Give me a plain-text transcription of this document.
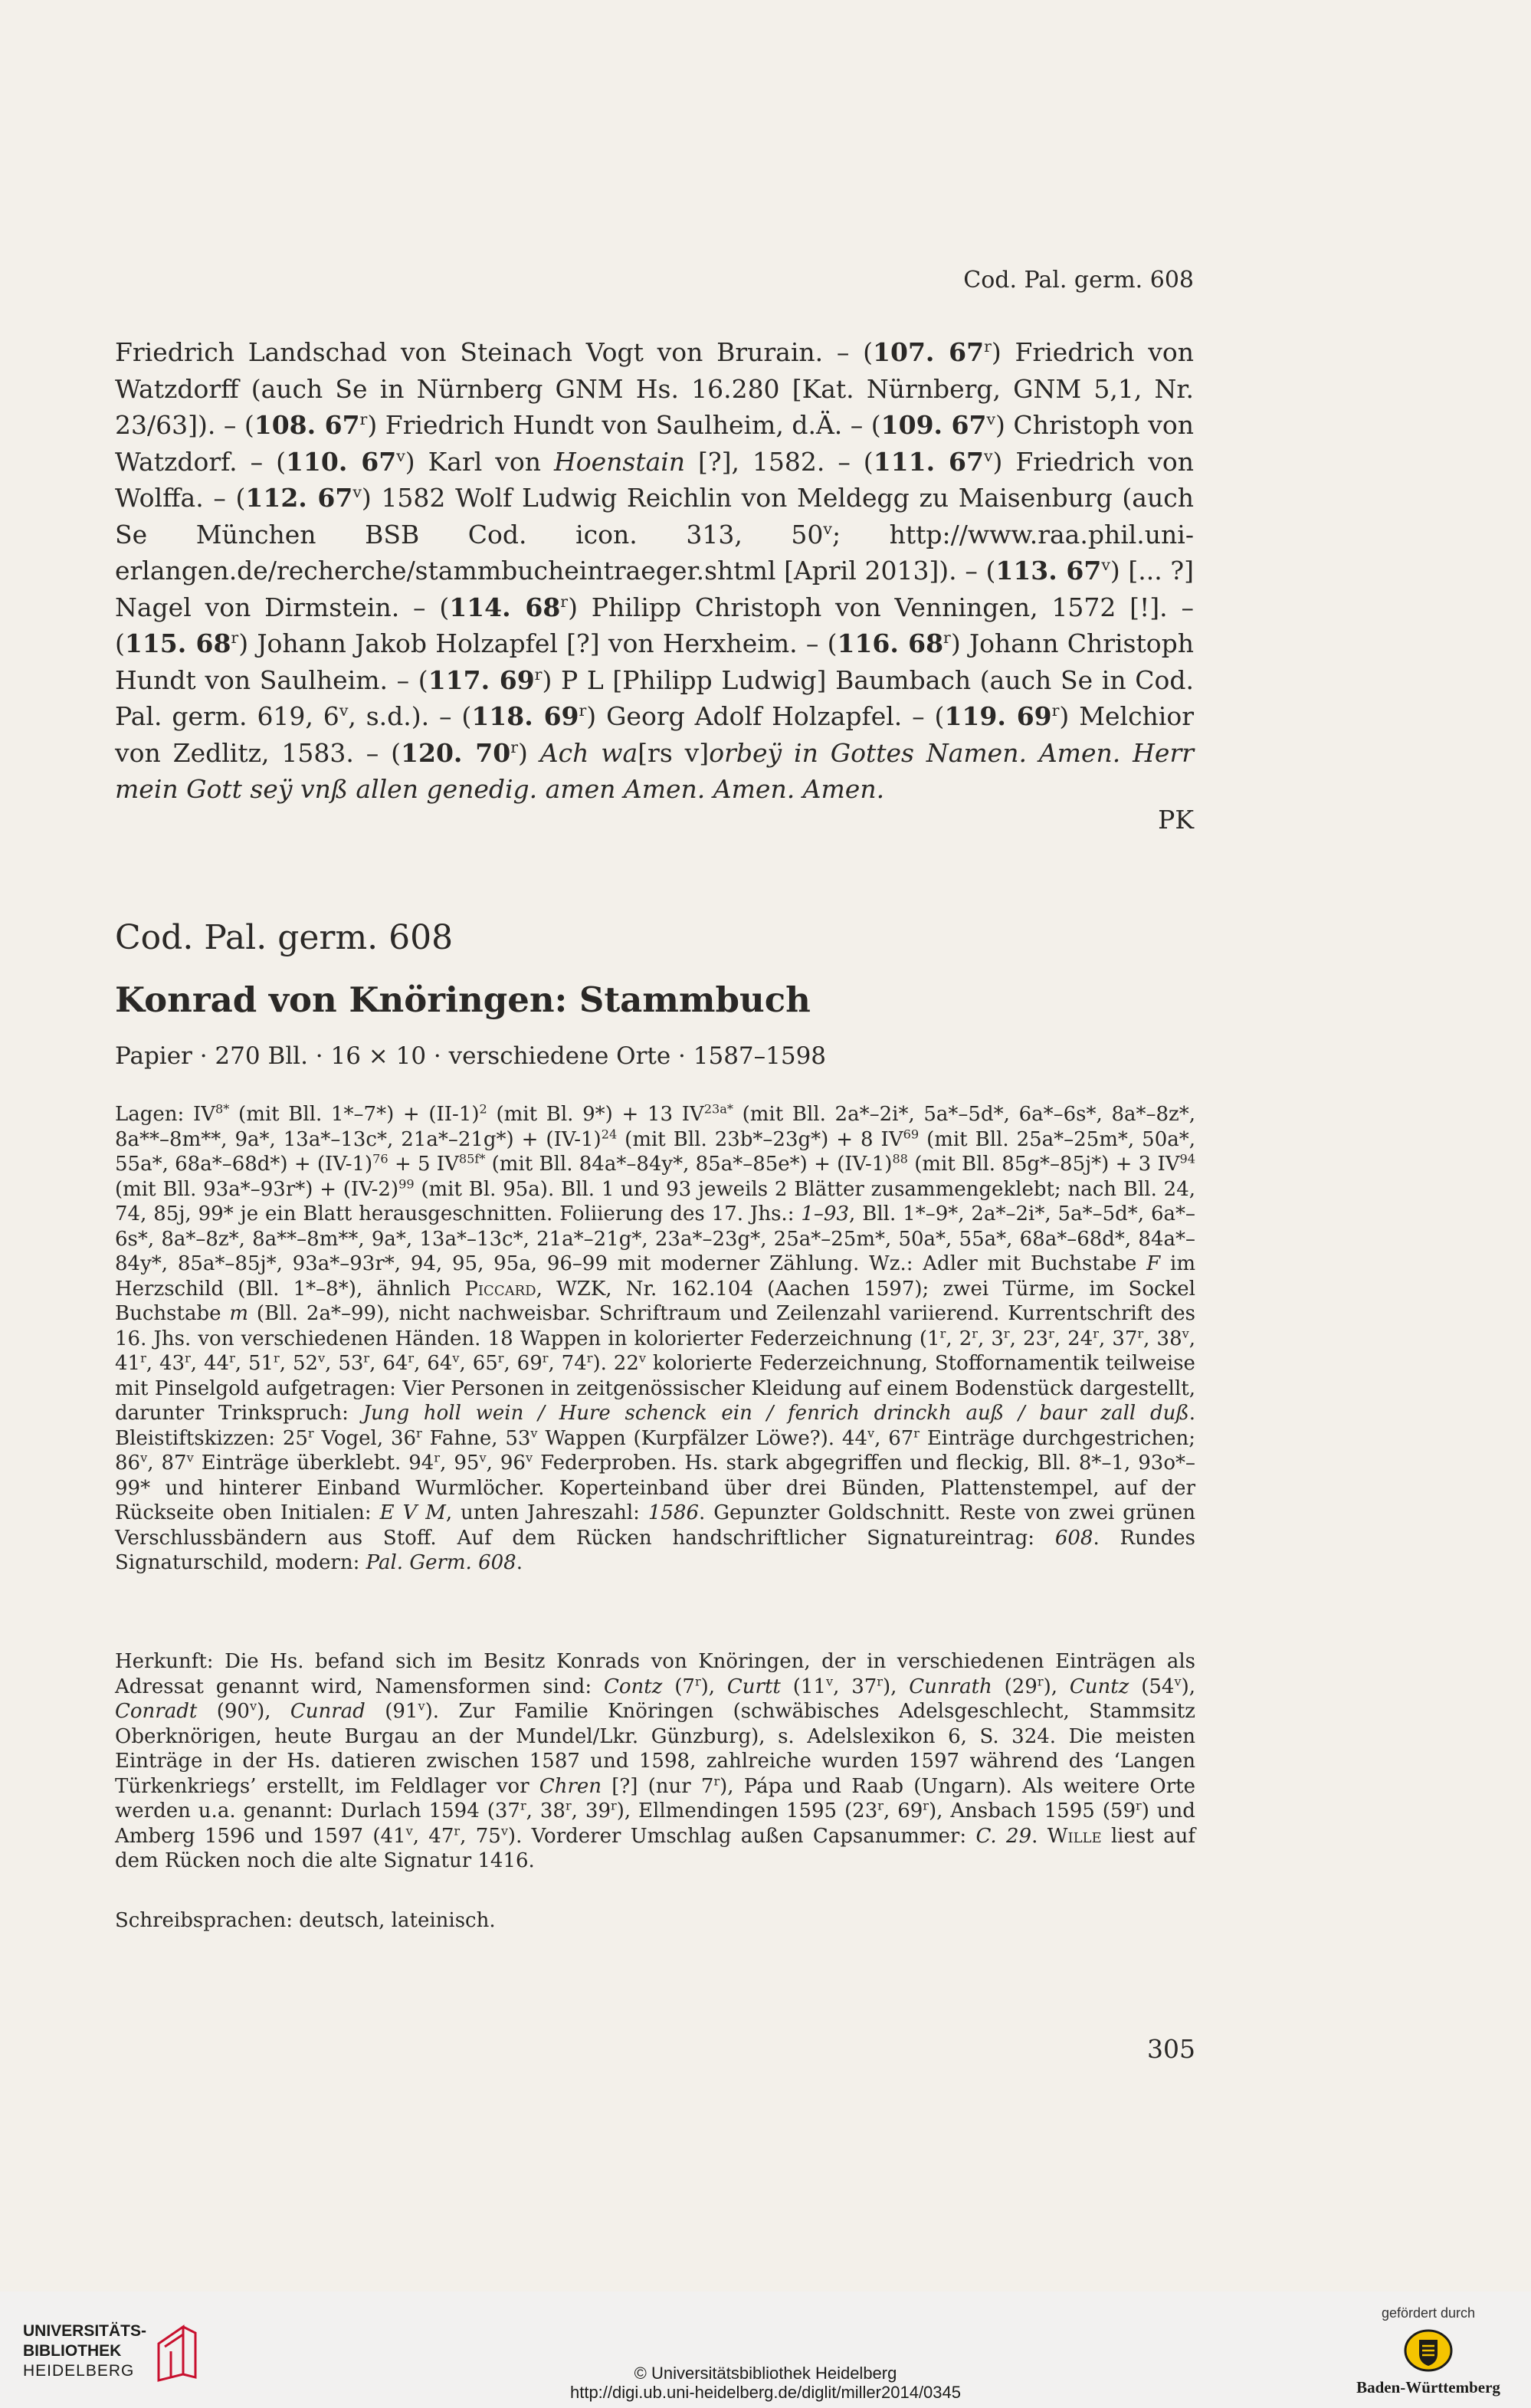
Cod. Pal. germ. 608
Friedrich Landschad von Steinach Vogt von Brurain. – (107. 67$^r$) Friedrich von Watzdorff (auch Se in Nürnberg GNM Hs. 16.280 [Kat. Nürnberg, GNM 5,1, Nr. 23/63]). – (108. 67$^r$) Friedrich Hundt von Saulheim, d.Ä. – (109. 67$^v$) Christoph von Watzdorf. – (110. 67$^v$) Karl von Hoenstain [?], 1582. – (111. 67$^v$) Friedrich von Wolffa. – (112. 67$^v$) 1582 Wolf Ludwig Reichlin von Meldegg zu Maisenburg (auch Se München BSB Cod. icon. 313, 50$^v$; http://www.raa.phil.uni-erlangen.de/recherche/stammbucheintraeger.shtml [April 2013]). – (113. 67$^v$) [... ?] Nagel von Dirmstein. – (114. 68$^r$) Philipp Christoph von Venningen, 1572 [!]. – (115. 68$^r$) Johann Jakob Holzapfel [?] von Herxheim. – (116. 68$^r$) Johann Christoph Hundt von Saulheim. – (117. 69$^r$) P L [Philipp Ludwig] Baumbach (auch Se in Cod. Pal. germ. 619, 6$^v$, s.d.). – (118. 69$^r$) Georg Adolf Holzapfel. – (119. 69$^r$) Melchior von Zedlitz, 1583. – (120. 70$^r$) Ach wa[rs v]orbeÿ in Gottes Namen. Amen. Herr mein Gott seÿ vnß allen genedig. amen Amen. Amen. Amen.
PK
Cod. Pal. germ. 608
Konrad von Knöringen: Stammbuch
Papier · 270 Bll. · 16 × 10 · verschiedene Orte · 1587–1598
Lagen: $IV^{8*}$ (mit Bll. $1*-7*) + (II-1)^2$ (mit Bl. 9*) + 13 $IV^{23a*}$ (mit Bll. 2a*–2i*, 5a*–5d*, 6a*–6s*, 8a*–8z*, 8a**–8m**, 9a*, 13a*–13c*, $21a*-21g*) + (IV-1)^{24}$ (mit Bll. 23b*–23g*) + 8 IV$^{69}$ (mit Bll. 25a*–25m*, 50a*, 55a*, $68a*-68d*) + (IV-1)^{76} + 5$ $IV^{85f*}$ (mit Bll. 84a*–84y*, $85a*-85e*) + (IV-1)^{88}$ (mit Bll. 85g*–85j*) + 3 IV$^{94}$ (mit Bll. $93a*-93r*) + (IV-2)^{99}$ (mit Bl. 95a). Bll. 1 und 93 jeweils 2 Blätter zusammengeklebt; nach Bll. 24, 74, 85j, 99* je ein Blatt herausgeschnitten. Foliierung des 17. Jhs.: 1–93, Bll. 1*–9*, 2a*–2i*, 5a*–5d*, 6a*–6s*, 8a*–8z*, 8a**–8m**, 9a*, 13a*–13c*, 21a*–21g*, 23a*–23g*, 25a*–25m*, 50a*, 55a*, 68a*–68d*, 84a*–84y*, 85a*–85j*, 93a*–93r*, 94, 95, 95a, 96–99 mit moderner Zählung. Wz.: Adler mit Buchstabe F im Herzschild (Bll. 1*–8*), ähnlich Piccard, WZK, Nr. 162.104 (Aachen 1597); zwei Türme, im Sockel Buchstabe m (Bll. 2a*–99), nicht nachweisbar. Schriftraum und Zeilenzahl variierend. Kurrentschrift des 16. Jhs. von verschiedenen Händen. 18 Wappen in kolorierter Federzeichnung (1$^r$, 2$^r$, 3$^r$, 23$^r$, 24$^r$, 37$^r$, 38$^v$, 41$^r$, 43$^r$, 44$^r$, 51$^r$, 52$^v$, 53$^r$, 64$^r$, 64$^v$, 65$^r$, 69$^r$, 74$^r$). 22$^v$ kolorierte Federzeichnung, Stoffornamentik teilweise mit Pinselgold aufgetragen: Vier Personen in zeitgenössischer Kleidung auf einem Bodenstück dargestellt, darunter Trinkspruch: Jung holl wein / Hure schenck ein / fenrich drinckh auß / baur zall duß. Bleistiftskizzen: 25$^r$ Vogel, 36$^r$ Fahne, 53$^v$ Wappen (Kurpfälzer Löwe?). 44$^v$, 67$^r$ Einträge durchgestrichen; 86$^v$, 87$^v$ Einträge überklebt. 94$^r$, 95$^v$, 96$^v$ Federproben. Hs. stark abgegriffen und fleckig, Bll. 8*–1, 93o*–99* und hinterer Einband Wurmlöcher. Koperteinband über drei Bünden, Plattenstempel, auf der Rückseite oben Initialen: E V M, unten Jahreszahl: 1586. Gepunzter Goldschnitt. Reste von zwei grünen Verschlussbändern aus Stoff. Auf dem Rücken handschriftlicher Signatureintrag: 608. Rundes Signaturschild, modern: Pal. Germ. 608.
Herkunft: Die Hs. befand sich im Besitz Konrads von Knöringen, der in verschiedenen Einträgen als Adressat genannt wird, Namensformen sind: Contz (7$^r$), Curtt (11$^v$, 37$^r$), Cunrath (29$^r$), Cuntz (54$^v$), Conradt (90$^v$), Cunrad (91$^v$). Zur Familie Knöringen (schwäbisches Adelsgeschlecht, Stammsitz Oberknörigen, heute Burgau an der Mundel/Lkr. Günzburg), s. Adelslexikon 6, S. 324. Die meisten Einträge in der Hs. datieren zwischen 1587 und 1598, zahlreiche wurden 1597 während des ‘Langen Türkenkriegs’ erstellt, im Feldlager vor Chren [?] (nur 7$^r$), Pápa und Raab (Ungarn). Als weitere Orte werden u.a. genannt: Durlach 1594 (37$^r$, 38$^r$, 39$^r$), Ellmendingen 1595 (23$^r$, 69$^r$), Ansbach 1595 (59$^r$) und Amberg 1596 und 1597 (41$^v$, 47$^r$, 75$^v$). Vorderer Umschlag außen Capsanummer: C. 29. Wille liest auf dem Rücken noch die alte Signatur 1416.
Schreibsprachen: deutsch, lateinisch.
305
UNIVERSITÄTS-
BIBLIOTHEK
HEIDELBERG	© Universitätsbibliothek Heidelberg
http://digi.ub.uni-heidelberg.de/diglit/miller2014/0345
gefördert durch
Baden-Württemberg
